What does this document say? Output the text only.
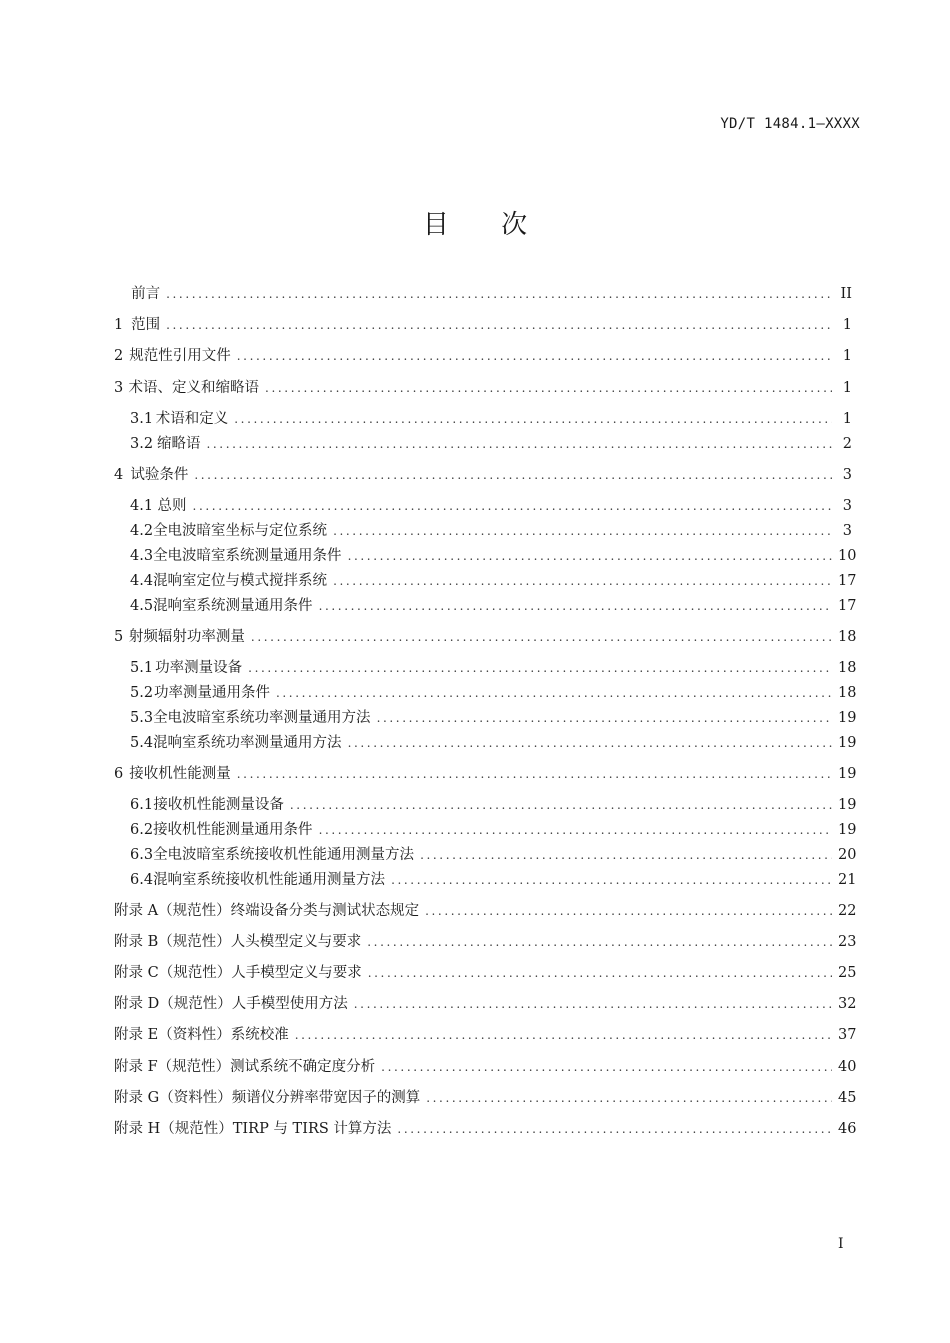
YD/T 1484.1—XXXX
目 次
前言 .....	II
1 范围 .....	1
2 规范性引用文件 .....	1
3 术语、定义和缩略语 .....	1
3.1 术语和定义 .....	1
3.2 缩略语 .....	2
4 试验条件 .....	3
4.1 总则 .....	3
4.2 全电波暗室坐标与定位系统 .....	3
4.3 全电波暗室系统测量通用条件 .....	10
4.4 混响室定位与模式搅拌系统 .....	17
4.5 混响室系统测量通用条件 .....	17
5 射频辐射功率测量 .....	18
5.1 功率测量设备 .....	18
5.2 功率测量通用条件 .....	18
5.3 全电波暗室系统功率测量通用方法 .....	19
5.4 混响室系统功率测量通用方法 .....	19
6 接收机性能测量 .....	19
6.1 接收机性能测量设备 .....	19
6.2 接收机性能测量通用条件 .....	19
6.3 全电波暗室系统接收机性能通用测量方法 .....	20
6.4 混响室系统接收机性能通用测量方法 .....	21
附录 A（规范性） 终端设备分类与测试状态规定 .....	22
附录 B（规范性） 人头模型定义与要求 .....	23
附录 C（规范性） 人手模型定义与要求 .....	25
附录 D（规范性） 人手模型使用方法 .....	32
附录 E（资料性） 系统校准 .....	37
附录 F（规范性） 测试系统不确定度分析 .....	40
附录 G（资料性） 频谱仪分辨率带宽因子的测算 .....	45
附录 H（规范性） TIRP 与 TIRS 计算方法 .....	46
I
